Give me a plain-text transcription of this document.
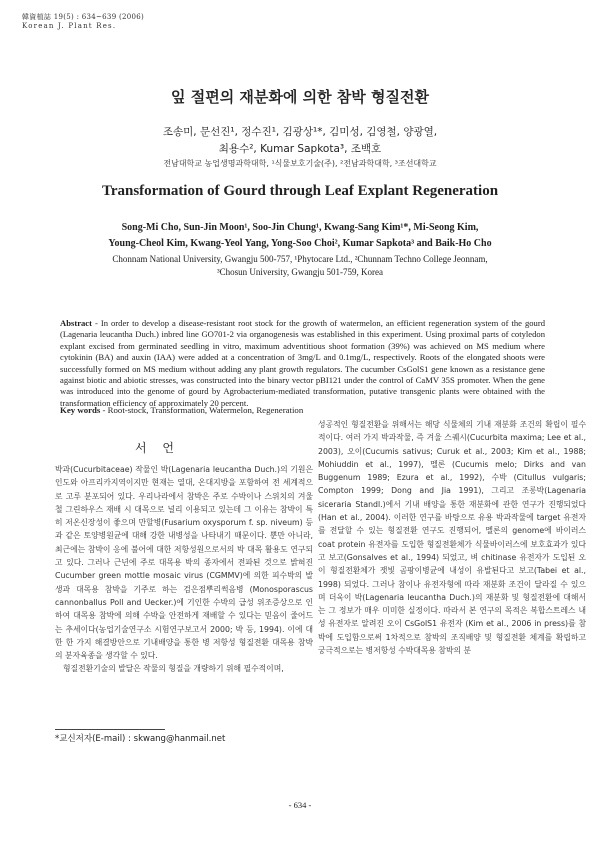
韓資植誌 19(5) : 634~639 (2006)
Korean J. Plant Res.
잎 절편의 재분화에 의한 참박 형질전환
조송미, 문선진¹, 정수진¹, 김광상¹*, 김미성, 김영철, 양광열,
최용수², Kumar Sapkota³, 조백호
전남대학교 농업생명과학대학, ¹식물보호기술(주), ²전남과학대학, ³조선대학교
Transformation of Gourd through Leaf Explant Regeneration
Song-Mi Cho, Sun-Jin Moon¹, Soo-Jin Chung¹, Kwang-Sang Kim¹*, Mi-Seong Kim,
Young-Cheol Kim, Kwang-Yeol Yang, Yong-Soo Choi², Kumar Sapkota³ and Baik-Ho Cho
Chonnam National University, Gwangju 500-757, ¹Phytocare Ltd., ²Chunnam Techno College Jeonnam,
³Chosun University, Gwangju 501-759, Korea
Abstract - In order to develop a disease-resistant root stock for the growth of watermelon, an efficient regeneration system of the gourd (Lagenaria leucantha Duch.) inbred line GO701-2 via organogenesis was established in this experiment. Using proximal parts of cotyledon explant excised from germinated seedling in vitro, maximum adventitious shoot formation (39%) was achieved on MS medium where cytokinin (BA) and auxin (IAA) were added at a concentration of 3mg/L and 0.1mg/L, respectively. Roots of the elongated shoots were successfully formed on MS medium without adding any plant growth regulators. The cucumber CsGolS1 gene known as a resistance gene against biotic and abiotic stresses, was constructed into the binary vector pBI121 under the control of CaMV 35S promoter. When the gene was introduced into the genome of gourd by Agrobacterium-mediated transformation, putative transgenic plants were obtained with the transformation efficiency of approximately 20 percent.
Key words - Root-stock, Transformation, Watermelon, Regeneration
서 언

박과(Cucurbitaceae) 작물인 박(Lagenaria leucantha Duch.)의 기원은 인도와 아프리카지역이지만 현재는 열대, 온대지방을 포함하여 전 세계적으로 고루 분포되어 있다. 우리나라에서 참박은 주로 수박이나 스위치의 겨울철 그린하우스 재배 시 대목으로 널리 이용되고 있는데 그 이유는 참박이 특히 저온신장성이 좋으며 만할병(Fusarium oxysporum f. sp. niveum) 등과 같은 토양병원균에 대해 강한 내병성을 나타내기 때문이다. 뿐만 아니라, 최근에는 참박이 응에 불어에 대한 저항성원으로서의 박 대목 활용도 연구되고 있다. 그러나 근년에 주로 대목용 박의 종자에서 전파된 것으로 밝혀진 Cucumber green mottle mosaic virus (CGMMV)에 의한 피수박의 발생과 대목용 참박을 기주로 하는 검은점뿌리썩음병 (Monosporascus cannonballus Poll and Uecker.)에 기인한 수박의 급성 위조증상으로 인하여 대목용 참박에 의해 수박을 안전하게 재배할 수 있다는 믿음이 줄어드는 추세이다(농업기술연구소 시험연구보고서 2000; 박 등, 1994). 이에 대한 한 가지 해결방안으로 기내배양을 통한 병 저항성 형질전환 대목용 참박의 분자육종을 생각할 수 있다.

형질전환기술의 발달은 작물의 형질을 개량하기 위해 필수적이며,

성공적인 형질전환을 위해서는 해당 식물체의 기내 재분화 조건의 확립이 필수적이다. 여러 가지 박과작물, 즉 겨울 스퀘시(Cucurbita maxima; Lee et al., 2003), 오이(Cucumis sativus; Curuk et al., 2003; Kim et al., 1988; Mohiuddin et al., 1997), 멜론 (Cucumis melo; Dirks and van Buggenum 1989; Ezura et al., 1992), 수박 (Citullus vulgaris; Compton 1999; Dong and Jia 1991), 그리고 조롱박(Lagenaria siceraria Standl.)에서 기내 배양을 통한 재분화에 관한 연구가 진행되었다(Han et al., 2004). 이러한 연구를 바탕으로 유용 박과작물에 target 유전자를 전달할 수 있는 형질전환 연구도 진행되어, 멜론의 genome에 바이러스 coat protein 유전자를 도입한 형질전환체가 식물바이러스에 보호효과가 있다고 보고(Gonsalves et al., 1994) 되었고, 벼 chitinase 유전자가 도입된 오이 형질전환체가 잿빛 곰팡이병균에 내성이 유발된다고 보고(Tabei et al., 1998) 되었다. 그러나 참이나 유전자형에 따라 재분화 조건이 달라질 수 있으며 더욱이 박(Lagenaria leucantha Duch.)의 재분화 및 형질전환에 대해서는 그 정보가 매우 미미한 실정이다. 따라서 본 연구의 목적은 복합스트레스 내성 유전자로 알려진 오이 CsGolS1 유전자 (Kim et al., 2006 in press)를 참박에 도입함으로써 1차적으로 참박의 조직배양 및 형질전환 체계를 확립하고 궁극적으로는 병저항성 수박대목용 참박의 분

*교신저자(E-mail) : skwang@hanmail.net
- 634 -
